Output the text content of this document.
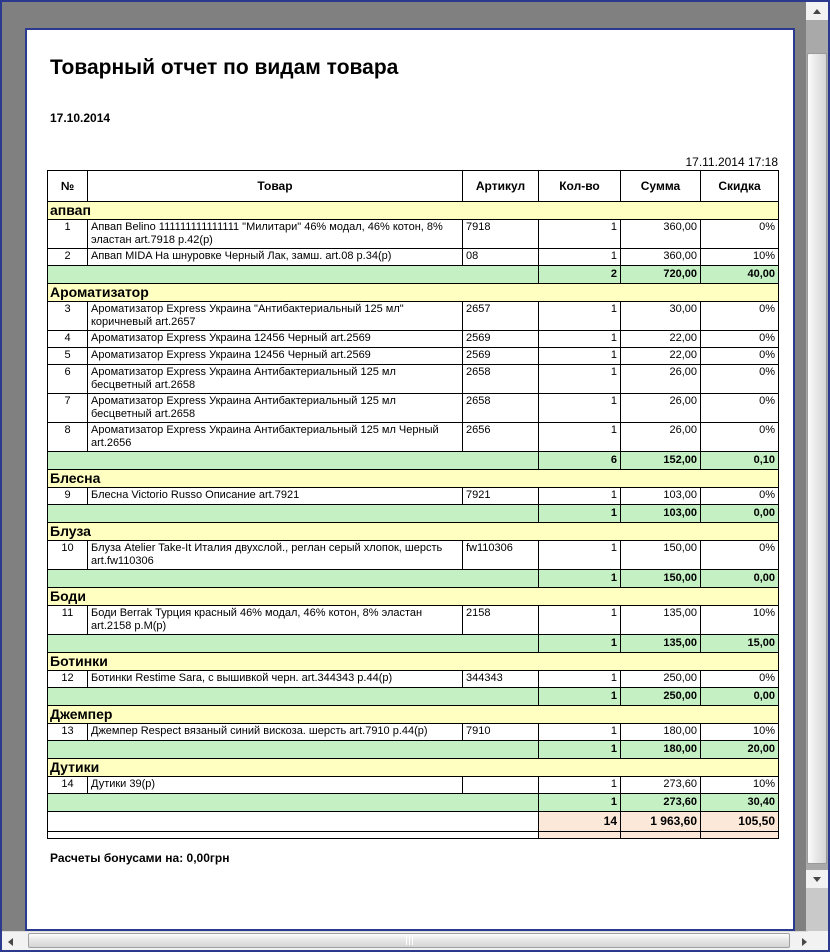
Товарный отчет по видам товара
17.10.2014
17.11.2014 17:18
№	Товар	Артикул	Кол-во	Сумма	Скидка
апвап					
1	Апвап Belino 111111111111111 "Милитари" 46% модал, 46% котон, 8% эластан art.7918 р.42(р)	7918	1	360,00	0%
2	Апвап MIDA На шнуровке Черный Лак, замш. art.08 р.34(р)	08	1	360,00	10%
			2	720,00	40,00
Ароматизатор					
3	Ароматизатор Express Украина "Антибактериальный 125 мл" коричневый art.2657	2657	1	30,00	0%
4	Ароматизатор Express Украина 12456 Черный art.2569	2569	1	22,00	0%
5	Ароматизатор Express Украина 12456 Черный art.2569	2569	1	22,00	0%
6	Ароматизатор Express Украина Антибактериальный 125 мл бесцветный art.2658	2658	1	26,00	0%
7	Ароматизатор Express Украина Антибактериальный 125 мл бесцветный art.2658	2658	1	26,00	0%
8	Ароматизатор Express Украина Антибактериальный 125 мл Черный art.2656	2656	1	26,00	0%
			6	152,00	0,10
Блесна					
9	Блесна Victorio Russo Описание art.7921	7921	1	103,00	0%
			1	103,00	0,00
Блуза					
10	Блуза Atelier Take-It Италия двухслой., реглан серый хлопок, шерсть art.fw110306	fw110306	1	150,00	0%
			1	150,00	0,00
Боди					
11	Боди Berrak Турция красный 46% модал, 46% котон, 8% эластан art.2158 р.M(р)	2158	1	135,00	10%
			1	135,00	15,00
Ботинки					
12	Ботинки Restime Sara, с вышивкой черн. art.344343 р.44(р)	344343	1	250,00	0%
			1	250,00	0,00
Джемпер					
13	Джемпер Respect вязаный синий вискоза. шерсть art.7910 р.44(р)	7910	1	180,00	10%
			1	180,00	20,00
Дутики					
14	Дутики 39(р)		1	273,60	10%
			1	273,60	30,40
			14	1 963,60	105,50

Расчеты бонусами на: 0,00грн
